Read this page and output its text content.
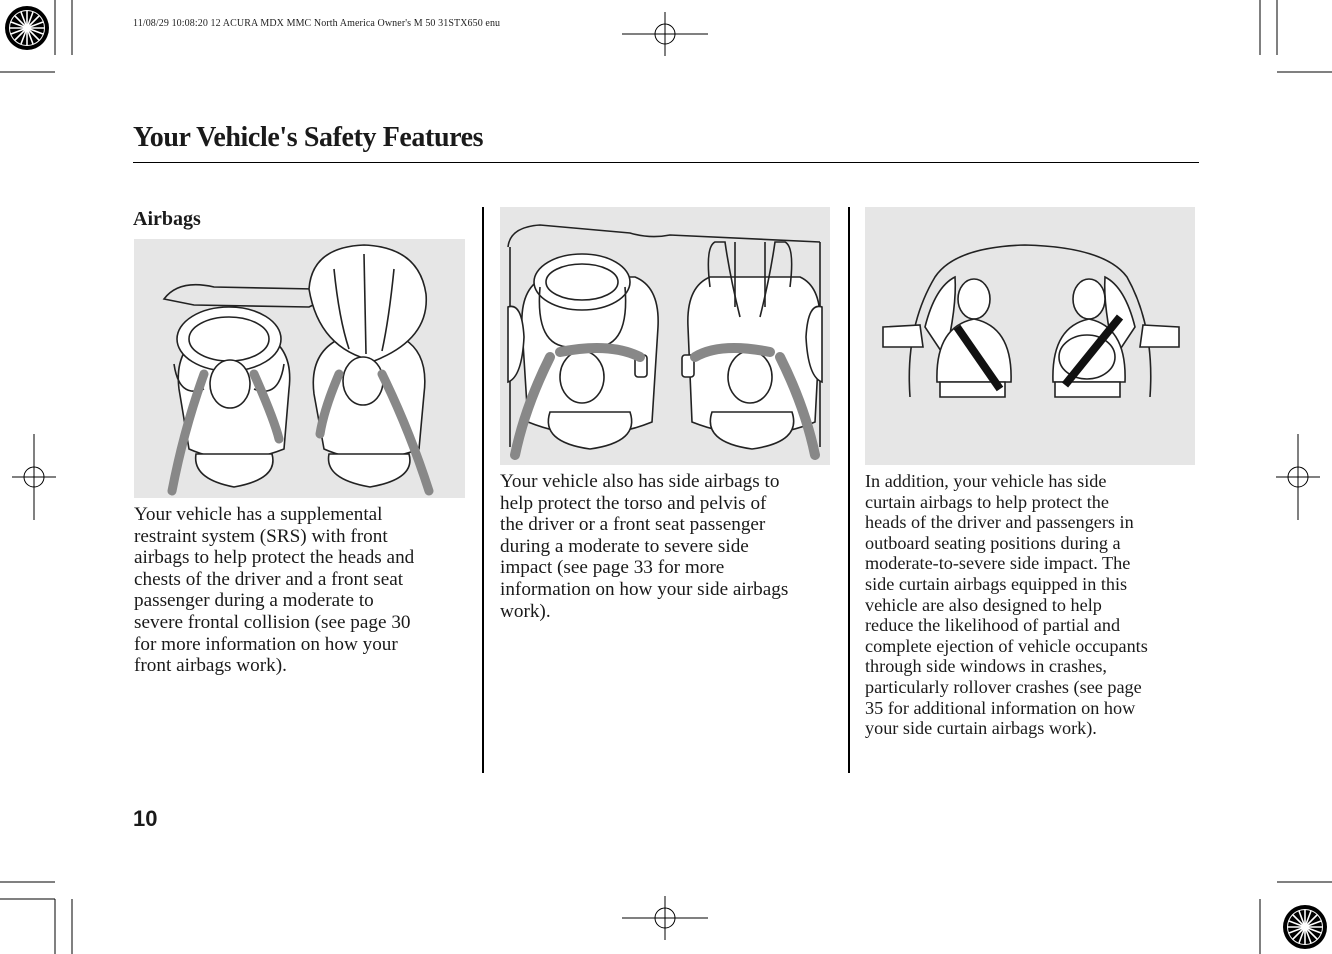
11/08/29 10:08:20 12 ACURA MDX MMC North America Owner's M 50 31STX650 enu
Your Vehicle's Safety Features
Airbags
Your vehicle has a supplemental
restraint system (SRS) with front
airbags to help protect the heads and
chests of the driver and a front seat
passenger during a moderate to
severe frontal collision (see page 30
for more information on how your
front airbags work).
Your vehicle also has side airbags to
help protect the torso and pelvis of
the driver or a front seat passenger
during a moderate to severe side
impact (see page 33 for more
information on how your side airbags
work).
In addition, your vehicle has side
curtain airbags to help protect the
heads of the driver and passengers in
outboard seating positions during a
moderate-to-severe side impact. The
side curtain airbags equipped in this
vehicle are also designed to help
reduce the likelihood of partial and
complete ejection of vehicle occupants
through side windows in crashes,
particularly rollover crashes (see page
35 for additional information on how
your side curtain airbags work).
10
